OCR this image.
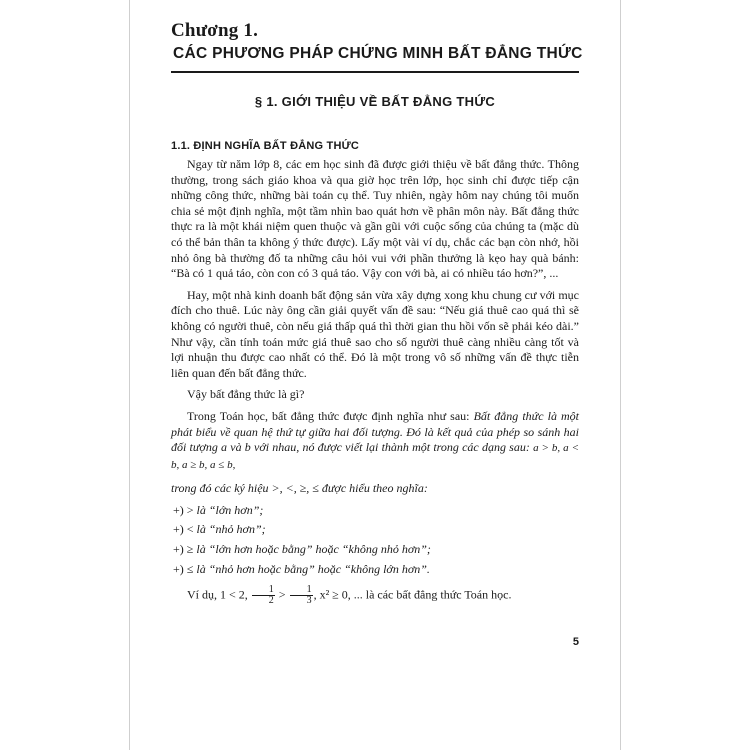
Chương 1.
CÁC PHƯƠNG PHÁP CHỨNG MINH BẤT ĐẲNG THỨC
§ 1. GIỚI THIỆU VỀ BẤT ĐẲNG THỨC
1.1. ĐỊNH NGHĨA BẤT ĐẲNG THỨC

Ngay từ năm lớp 8, các em học sinh đã được giới thiệu về bất đẳng thức. Thông thường, trong sách giáo khoa và qua giờ học trên lớp, học sinh chỉ được tiếp cận những công thức, những bài toán cụ thể. Tuy nhiên, ngày hôm nay chúng tôi muốn chia sẻ một định nghĩa, một tầm nhìn bao quát hơn về phân môn này. Bất đẳng thức thực ra là một khái niệm quen thuộc và gần gũi với cuộc sống của chúng ta (mặc dù có thể bản thân ta không ý thức được). Lấy một vài ví dụ, chắc các bạn còn nhớ, hồi nhỏ ông bà thường đố ta những câu hỏi vui với phần thưởng là kẹo hay quà bánh: “Bà có 1 quả táo, còn con có 3 quả táo. Vậy con với bà, ai có nhiều táo hơn?”, ...

Hay, một nhà kinh doanh bất động sản vừa xây dựng xong khu chung cư với mục đích cho thuê. Lúc này ông cần giải quyết vấn đề sau: “Nếu giá thuê cao quá thì sẽ không có người thuê, còn nếu giá thấp quá thì thời gian thu hồi vốn sẽ phải kéo dài.” Như vậy, cần tính toán mức giá thuê sao cho số người thuê càng nhiều càng tốt và lợi nhuận thu được cao nhất có thể. Đó là một trong vô số những vấn đề thực tiễn liên quan đến bất đẳng thức.

Vậy bất đẳng thức là gì?

Trong Toán học, bất đẳng thức được định nghĩa như sau: Bất đẳng thức là một phát biểu về quan hệ thứ tự giữa hai đối tượng. Đó là kết quả của phép so sánh hai đối tượng a và b với nhau, nó được viết lại thành một trong các dạng sau: a > b, a < b, a ≥ b, a ≤ b,

trong đó các ký hiệu >, <, ≥, ≤ được hiểu theo nghĩa:

+) > là “lớn hơn”;
+) < là “nhỏ hơn”;
+) ≥ là “lớn hơn hoặc bằng” hoặc “không nhỏ hơn”;
+) ≤ là “nhỏ hơn hoặc bằng” hoặc “không lớn hơn”.

Ví dụ, 1 < 2, $\frac{1}{2} > \frac{1}{3}$ , x² ≥ 0, ... là các bất đẳng thức Toán học.

5
